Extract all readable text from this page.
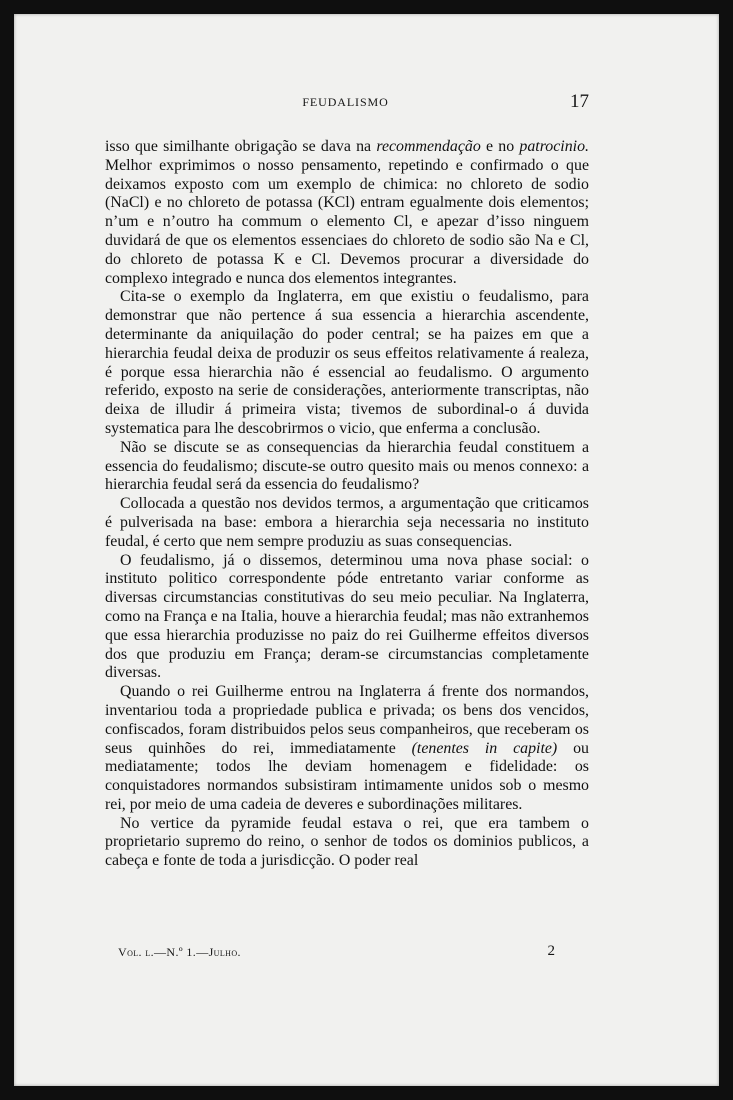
FEUDALISMO	17

isso que similhante obrigação se dava na recommendação e no patrocinio. Melhor exprimimos o nosso pensamento, repetindo e confirmado o que deixamos exposto com um exemplo de chimica: no chloreto de sodio (NaCl) e no chloreto de potassa (KCl) entram egualmente dois elementos; n’um e n’outro ha commum o elemento Cl, e apezar d’isso ninguem duvidará de que os elementos essenciaes do chloreto de sodio são Na e Cl, do chloreto de potassa K e Cl. Devemos procurar a diversidade do complexo integrado e nunca dos elementos integrantes.

Cita-se o exemplo da Inglaterra, em que existiu o feudalismo, para demonstrar que não pertence á sua essencia a hierarchia ascendente, determinante da aniquilação do poder central; se ha paizes em que a hierarchia feudal deixa de produzir os seus effeitos relativamente á realeza, é porque essa hierarchia não é essencial ao feudalismo. O argumento referido, exposto na serie de considerações, anteriormente transcriptas, não deixa de illudir á primeira vista; tivemos de subordinal-o á duvida systematica para lhe descobrirmos o vicio, que enferma a conclusão.

Não se discute se as consequencias da hierarchia feudal constituem a essencia do feudalismo; discute-se outro quesito mais ou menos connexo: a hierarchia feudal será da essencia do feudalismo?

Collocada a questão nos devidos termos, a argumentação que criticamos é pulverisada na base: embora a hierarchia seja necessaria no instituto feudal, é certo que nem sempre produziu as suas consequencias.

O feudalismo, já o dissemos, determinou uma nova phase social: o instituto politico correspondente póde entretanto variar conforme as diversas circumstancias constitutivas do seu meio peculiar. Na Inglaterra, como na França e na Italia, houve a hierarchia feudal; mas não extranhemos que essa hierarchia produzisse no paiz do rei Guilherme effeitos diversos dos que produziu em França; deram-se circumstancias completamente diversas.

Quando o rei Guilherme entrou na Inglaterra á frente dos normandos, inventariou toda a propriedade publica e privada; os bens dos vencidos, confiscados, foram distribuidos pelos seus companheiros, que receberam os seus quinhões do rei, immediatamente (tenentes in capite) ou mediatamente; todos lhe deviam homenagem e fidelidade: os conquistadores normandos subsistiram intimamente unidos sob o mesmo rei, por meio de uma cadeia de deveres e subordinações militares.

No vertice da pyramide feudal estava o rei, que era tambem o proprietario supremo do reino, o senhor de todos os dominios publicos, a cabeça e fonte de toda a jurisdicção. O poder real

Vol. l.—N.º 1.—Julho.	2
